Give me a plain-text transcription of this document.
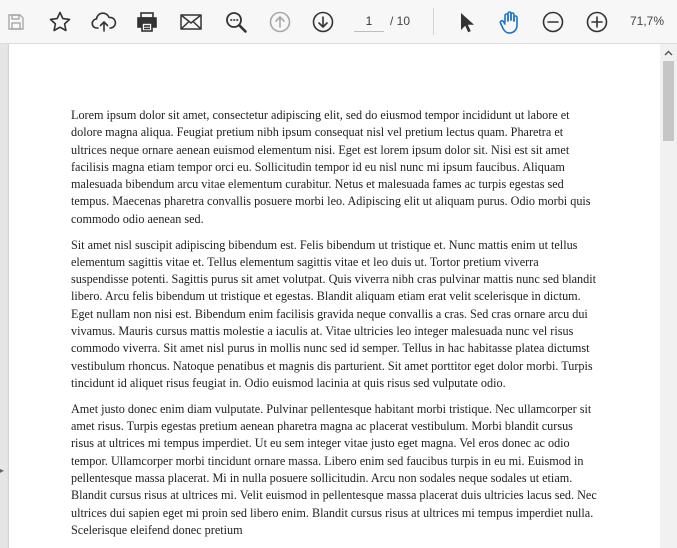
1
/ 10	71,7%

Lorem ipsum dolor sit amet, consectetur adipiscing elit, sed do eiusmod tempor incididunt ut labore et dolore magna aliqua. Feugiat pretium nibh ipsum consequat nisl vel pretium lectus quam. Pharetra et ultrices neque ornare aenean euismod elementum nisi. Eget est lorem ipsum dolor sit. Nisi est sit amet facilisis magna etiam tempor orci eu. Sollicitudin tempor id eu nisl nunc mi ipsum faucibus. Aliquam malesuada bibendum arcu vitae elementum curabitur. Netus et malesuada fames ac turpis egestas sed tempus. Maecenas pharetra convallis posuere morbi leo. Adipiscing elit ut aliquam purus. Odio morbi quis commodo odio aenean sed.

Sit amet nisl suscipit adipiscing bibendum est. Felis bibendum ut tristique et. Nunc mattis enim ut tellus elementum sagittis vitae et. Tellus elementum sagittis vitae et leo duis ut. Tortor pretium viverra suspendisse potenti. Sagittis purus sit amet volutpat. Quis viverra nibh cras pulvinar mattis nunc sed blandit libero. Arcu felis bibendum ut tristique et egestas. Blandit aliquam etiam erat velit scelerisque in dictum. Eget nullam non nisi est. Bibendum enim facilisis gravida neque convallis a cras. Sed cras ornare arcu dui vivamus. Mauris cursus mattis molestie a iaculis at. Vitae ultricies leo integer malesuada nunc vel risus commodo viverra. Sit amet nisl purus in mollis nunc sed id semper. Tellus in hac habitasse platea dictumst vestibulum rhoncus. Natoque penatibus et magnis dis parturient. Sit amet porttitor eget dolor morbi. Turpis tincidunt id aliquet risus feugiat in. Odio euismod lacinia at quis risus sed vulputate odio.

Amet justo donec enim diam vulputate. Pulvinar pellentesque habitant morbi tristique. Nec ullamcorper sit amet risus. Turpis egestas pretium aenean pharetra magna ac placerat vestibulum. Morbi blandit cursus risus at ultrices mi tempus imperdiet. Ut eu sem integer vitae justo eget magna. Vel eros donec ac odio tempor. Ullamcorper morbi tincidunt ornare massa. Libero enim sed faucibus turpis in eu mi. Euismod in pellentesque massa placerat. Mi in nulla posuere sollicitudin. Arcu non sodales neque sodales ut etiam. Blandit cursus risus at ultrices mi. Velit euismod in pellentesque massa placerat duis ultricies lacus sed. Nec ultrices dui sapien eget mi proin sed libero enim. Blandit cursus risus at ultrices mi tempus imperdiet nulla. Scelerisque eleifend donec pretium

▸
